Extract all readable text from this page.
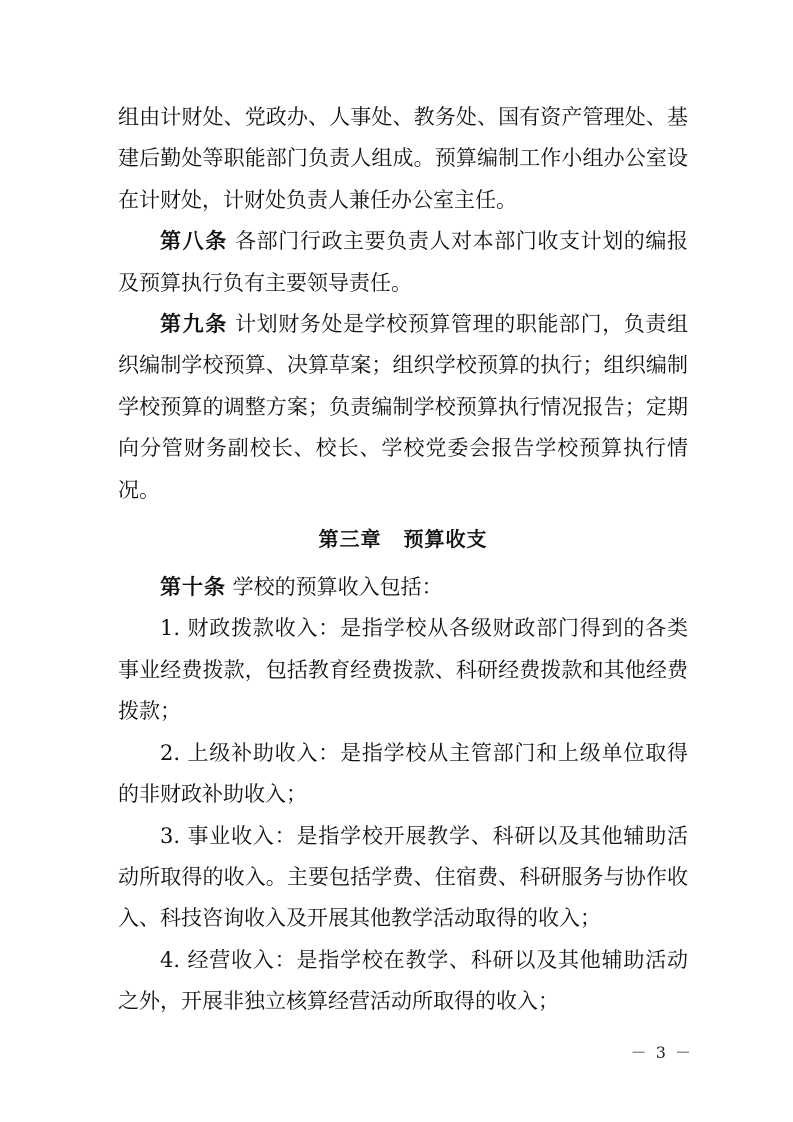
组由计财处、党政办、人事处、教务处、国有资产管理处、基建后勤处等职能部门负责人组成。预算编制工作小组办公室设在计财处，计财处负责人兼任办公室主任。

第八条 各部门行政主要负责人对本部门收支计划的编报及预算执行负有主要领导责任。

第九条 计划财务处是学校预算管理的职能部门，负责组织编制学校预算、决算草案；组织学校预算的执行；组织编制学校预算的调整方案；负责编制学校预算执行情况报告；定期向分管财务副校长、校长、学校党委会报告学校预算执行情况。

第三章 预算收支

第十条 学校的预算收入包括：

1. 财政拨款收入：是指学校从各级财政部门得到的各类事业经费拨款，包括教育经费拨款、科研经费拨款和其他经费拨款；

2. 上级补助收入：是指学校从主管部门和上级单位取得的非财政补助收入；

3. 事业收入：是指学校开展教学、科研以及其他辅助活动所取得的收入。主要包括学费、住宿费、科研服务与协作收入、科技咨询收入及开展其他教学活动取得的收入；

4. 经营收入：是指学校在教学、科研以及其他辅助活动之外，开展非独立核算经营活动所取得的收入；

－ 3 －
